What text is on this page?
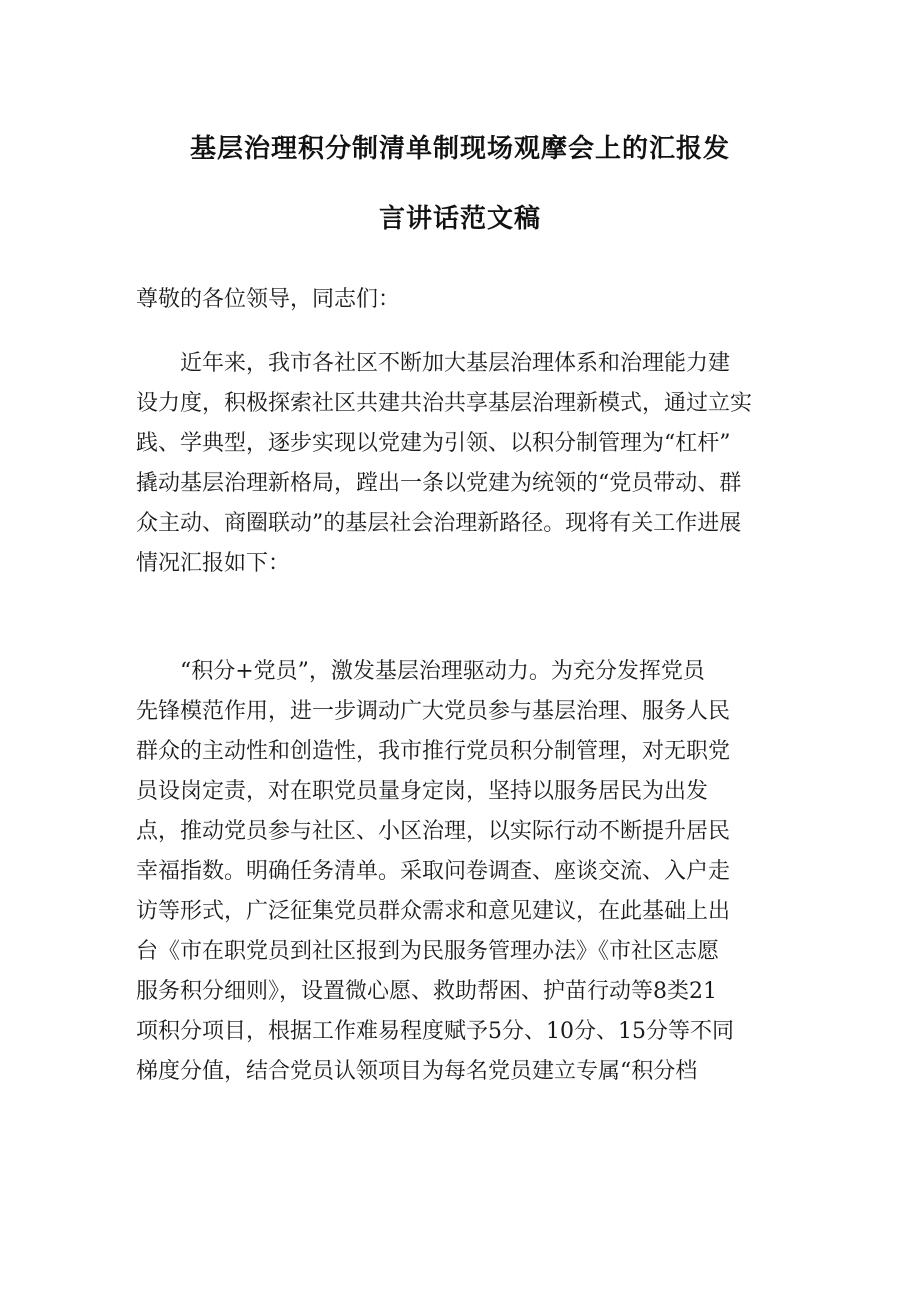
基层治理积分制清单制现场观摩会上的汇报发
言讲话范文稿

尊敬的各位领导，同志们：

近年来，我市各社区不断加大基层治理体系和治理能力建
设力度，积极探索社区共建共治共享基层治理新模式，通过立实
践、学典型，逐步实现以党建为引领、以积分制管理为“杠杆”
撬动基层治理新格局，蹚出一条以党建为统领的“党员带动、群
众主动、商圈联动”的基层社会治理新路径。现将有关工作进展
情况汇报如下：
“积分+党员”，激发基层治理驱动力。为充分发挥党员
先锋模范作用，进一步调动广大党员参与基层治理、服务人民
群众的主动性和创造性，我市推行党员积分制管理，对无职党
员设岗定责，对在职党员量身定岗，坚持以服务居民为出发
点，推动党员参与社区、小区治理，以实际行动不断提升居民
幸福指数。明确任务清单。采取问卷调查、座谈交流、入户走
访等形式，广泛征集党员群众需求和意见建议，在此基础上出
台《市在职党员到社区报到为民服务管理办法》《市社区志愿
服务积分细则》，设置微心愿、救助帮困、护苗行动等8类21
项积分项目，根据工作难易程度赋予5分、10分、15分等不同
梯度分值，结合党员认领项目为每名党员建立专属“积分档
